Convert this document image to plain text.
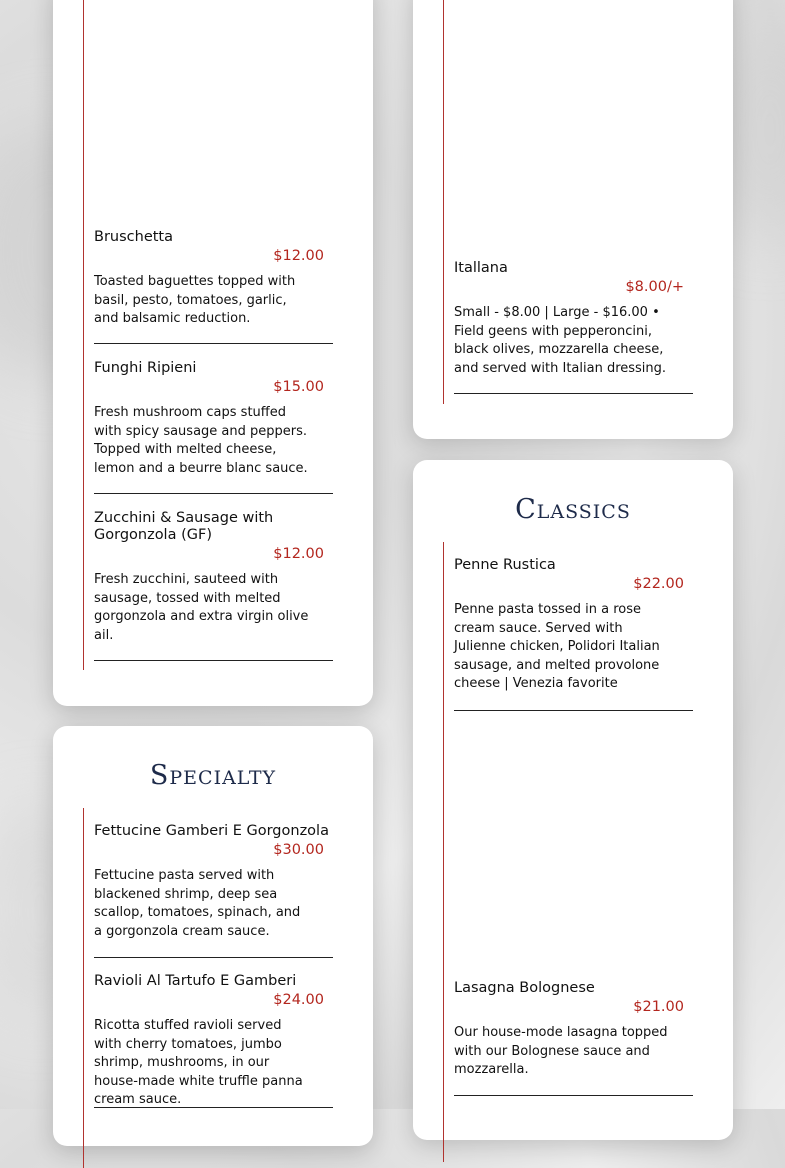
Bruschetta
$12.00
Toasted baguettes topped with basil, pesto, tomatoes, garlic, and balsamic reduction.
Funghi Ripieni
$15.00
Fresh mushroom caps stuffed with spicy sausage and peppers. Topped with melted cheese, lemon and a beurre blanc sauce.
Zucchini & Sausage with Gorgonzola (GF)
$12.00
Fresh zucchini, sauteed with sausage, tossed with melted gorgonzola and extra virgin olive ail.
Specialty
Fettucine Gamberi E Gorgonzola
$30.00
Fettucine pasta served with blackened shrimp, deep sea scallop, tomatoes, spinach, and a gorgonzola cream sauce.
Ravioli Al Tartufo E Gamberi
$24.00
Ricotta stuffed ravioli served with cherry tomatoes, jumbo shrimp, mushrooms, in our house-made white truffle panna cream sauce.
Itallana
$8.00/+
Small - $8.00 | Large - $16.00 • Field geens with pepperoncini, black olives, mozzarella cheese, and served with Italian dressing.
Classics
Penne Rustica
$22.00
Penne pasta tossed in a rose cream sauce. Served with Julienne chicken, Polidori Italian sausage, and melted provolone cheese | Venezia favorite
Lasagna Bolognese
$21.00
Our house-mode lasagna topped with our Bolognese sauce and mozzarella.
